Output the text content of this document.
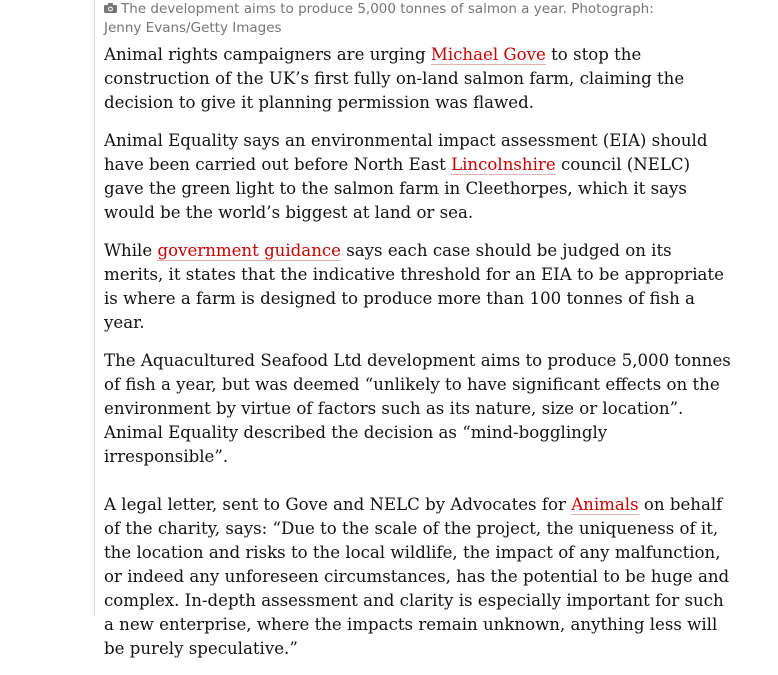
The development aims to produce 5,000 tonnes of salmon a year. Photograph: Jenny Evans/Getty Images

Animal rights campaigners are urging Michael Gove to stop the construction of the UK’s first fully on-land salmon farm, claiming the decision to give it planning permission was flawed.

Animal Equality says an environmental impact assessment (EIA) should have been carried out before North East Lincolnshire council (NELC) gave the green light to the salmon farm in Cleethorpes, which it says would be the world’s biggest at land or sea.

While government guidance says each case should be judged on its merits, it states that the indicative threshold for an EIA to be appropriate is where a farm is designed to produce more than 100 tonnes of fish a year.

The Aquacultured Seafood Ltd development aims to produce 5,000 tonnes of fish a year, but was deemed “unlikely to have significant effects on the environment by virtue of factors such as its nature, size or location”. Animal Equality described the decision as “mind-bogglingly irresponsible”.

A legal letter, sent to Gove and NELC by Advocates for Animals on behalf of the charity, says: “Due to the scale of the project, the uniqueness of it, the location and risks to the local wildlife, the impact of any malfunction, or indeed any unforeseen circumstances, has the potential to be huge and complex. In-depth assessment and clarity is especially important for such a new enterprise, where the impacts remain unknown, anything less will be purely speculative.”
